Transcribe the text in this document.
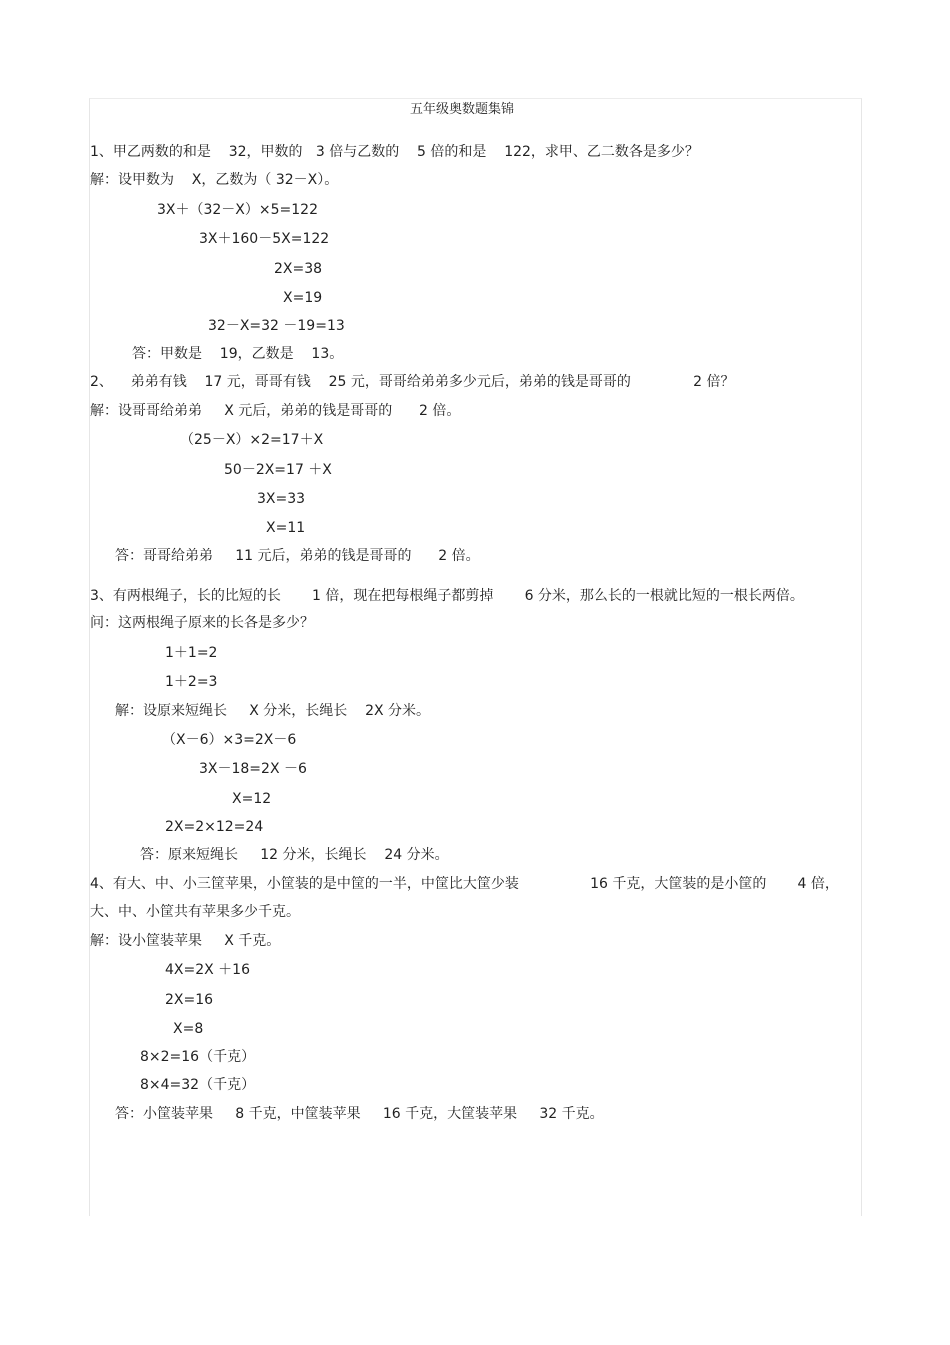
五年级奥数题集锦
1、甲乙两数的和是    32，甲数的   3 倍与乙数的    5 倍的和是    122，求甲、乙二数各是多少？
解：设甲数为    X，乙数为（ 32－X）。
3X＋（32－X）×5=122
3X＋160－5X=122
2X=38
X=19
32－X=32 －19=13
答：甲数是    19，乙数是    13。
2、    弟弟有钱    17 元，哥哥有钱    25 元，哥哥给弟弟多少元后，弟弟的钱是哥哥的              2 倍？
解：设哥哥给弟弟     X 元后，弟弟的钱是哥哥的      2 倍。
（25－X）×2=17＋X
50－2X=17 ＋X
3X=33
X=11
答：哥哥给弟弟     11 元后，弟弟的钱是哥哥的      2 倍。
3、有两根绳子，长的比短的长       1 倍，现在把每根绳子都剪掉       6 分米，那么长的一根就比短的一根长两倍。
问：这两根绳子原来的长各是多少？
1＋1=2
1＋2=3
解：设原来短绳长     X 分米，长绳长    2X 分米。
（X－6）×3=2X－6
3X－18=2X －6
X=12
2X=2×12=24
答：原来短绳长     12 分米，长绳长    24 分米。
4、有大、中、小三筐苹果，小筐装的是中筐的一半，中筐比大筐少装                16 千克，大筐装的是小筐的       4 倍，
大、中、小筐共有苹果多少千克。
解：设小筐装苹果     X 千克。
4X=2X ＋16
2X=16
X=8
8×2=16（千克）
8×4=32（千克）
答：小筐装苹果     8 千克，中筐装苹果     16 千克，大筐装苹果     32 千克。
